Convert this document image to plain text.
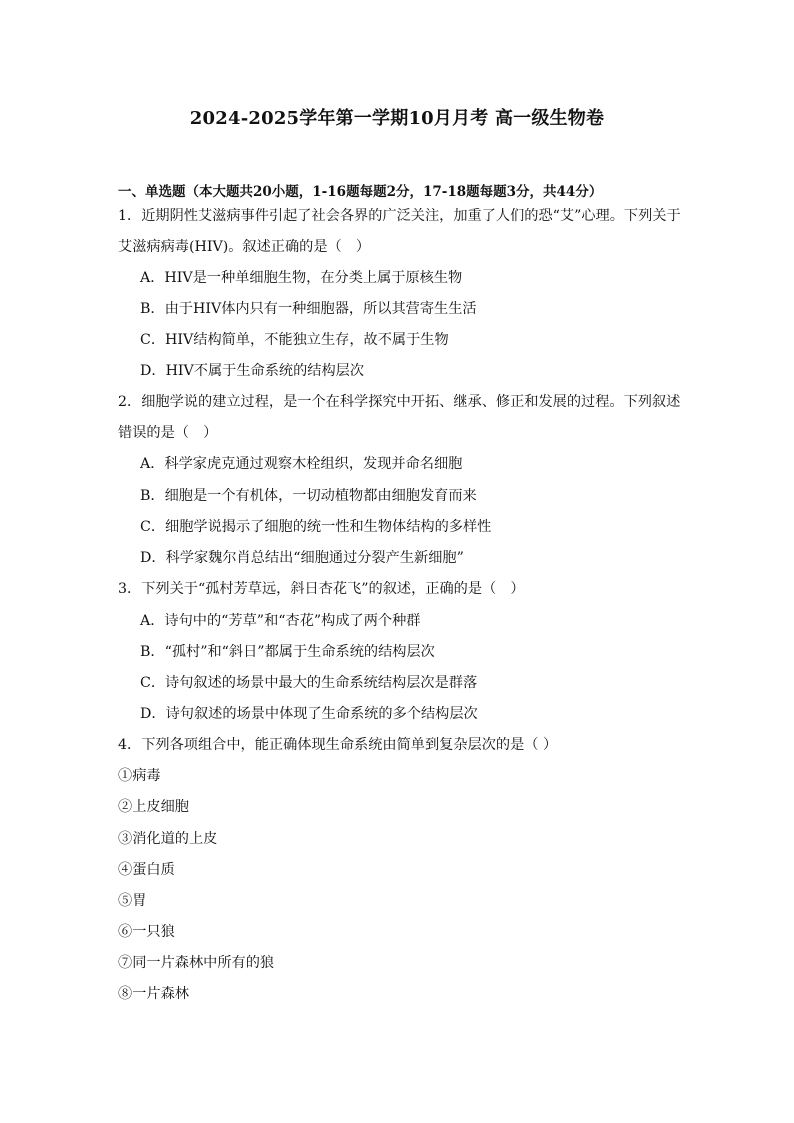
2024-2025学年第一学期10月月考 高一级生物卷
一、单选题（本大题共20小题，1-16题每题2分，17-18题每题3分，共44分）
1．近期阴性艾滋病事件引起了社会各界的广泛关注，加重了人们的恐“艾”心理。下列关于
艾滋病病毒(HIV)。叙述正确的是（　）
A．HIV是一种单细胞生物，在分类上属于原核生物
B．由于HIV体内只有一种细胞器，所以其营寄生生活
C．HIV结构简单，不能独立生存，故不属于生物
D．HIV不属于生命系统的结构层次
2．细胞学说的建立过程，是一个在科学探究中开拓、继承、修正和发展的过程。下列叙述
错误的是（　）
A．科学家虎克通过观察木栓组织，发现并命名细胞
B．细胞是一个有机体，一切动植物都由细胞发育而来
C．细胞学说揭示了细胞的统一性和生物体结构的多样性
D．科学家魏尔肖总结出“细胞通过分裂产生新细胞”
3．下列关于“孤村芳草远，斜日杏花飞”的叙述，正确的是（　）
A．诗句中的“芳草”和“杏花”构成了两个种群
B．“孤村”和“斜日”都属于生命系统的结构层次
C．诗句叙述的场景中最大的生命系统结构层次是群落
D．诗句叙述的场景中体现了生命系统的多个结构层次
4．下列各项组合中，能正确体现生命系统由简单到复杂层次的是（ ）
①病毒
②上皮细胞
③消化道的上皮
④蛋白质
⑤胃
⑥一只狼
⑦同一片森林中所有的狼
⑧一片森林
